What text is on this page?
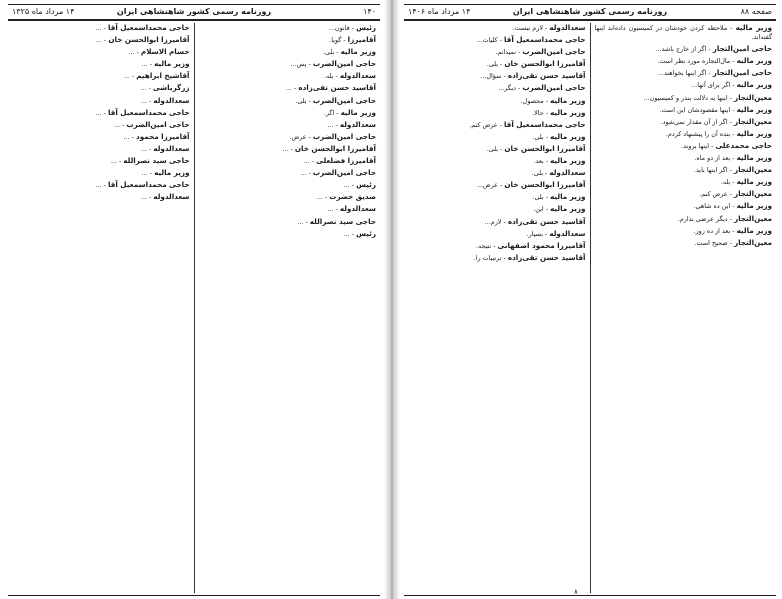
۱۴۰
روزنامه رسمی کشور شاهنشاهی ایران
۱۴ مرداد ماه ۱۳۲۵
رئیس - قانون...
آقامیرزا - گویا.
وزیر مالیه - بلی.
حاجی امین‌الضرب - پس...
سعدالدوله - بله.
آقاسید حسن تقی‌زاده - ...
حاجی امین‌الضرب - بلی.
وزیر مالیه - اگر.
سعدالدوله - ...
حاجی امین‌الضرب - عرض.
آقامیرزا ابوالحسن خان - ...
آقامیرزا فضلعلی - ...
حاجی امین‌الضرب - ...
رئیس - ...
صدیق حضرت - ...
سعدالدوله - ...
حاجی سید نصرالله - ...
رئیس - ...
حاجی محمداسمعیل آقا - ...
آقامیرزا ابوالحسن خان - ...
حسام الاسلام - ...
وزیر مالیه - ...
آقاشیخ ابراهیم - ...
زرگرباشی - ...
سعدالدوله - ...
حاجی محمداسمعیل آقا - ...
حاجی امین‌الضرب - ...
آقامیرزا محمود - ...
سعدالدوله - ...
حاجی سید نصرالله - ...
وزیر مالیه - ...
حاجی محمداسمعیل آقا - ...
سعدالدوله - ...
صفحه ۸۸
روزنامه رسمی کشور شاهنشاهی ایران
۱۴ مرداد ماه ۱۴۰۶
وزیر مالیه - ملاحظه کردن خودشان در کمیسیون داده‌اند اینها گفته‌اند.
حاجی امین‌التجار - اگر از خارج باشد...
وزیر مالیه - مال‌التجاره مورد نظر است.
حاجی امین‌التجار - اگر اینها بخواهند...
وزیر مالیه - اگر برای آنها...
معین‌التجار - اینها به دلالت بندر و کمیسیون...
وزیر مالیه - اینها مقصودشان این است.
معین‌التجار - اگر از آن مقدار نمی‌شود.
وزیر مالیه - بنده آن را پیشنهاد کردم.
حاجی محمدعلی - اینها بروند.
وزیر مالیه - بعد از دو ماه.
معین‌التجار - اگر اینها باید.
وزیر مالیه - بله.
معین‌التجار - عرض کنم.
وزیر مالیه - این ده شاهی.
معین‌التجار - دیگر عرضی ندارم.
وزیر مالیه - بعد از ده روز.
معین‌التجار - صحیح است.
سعدالدوله - لازم نیست.
حاجی محمداسمعیل آقا - کلیات...
حاجی امین‌الضرب - نمیدانم.
آقامیرزا ابوالحسن خان - بلی.
آقاسید حسن تقی‌زاده - سؤال...
حاجی امین‌الضرب - دیگر...
وزیر مالیه - محصول.
وزیر مالیه - حالا.
حاجی محمداسمعیل آقا - عرض کنم.
وزیر مالیه - بلی.
آقامیرزا ابوالحسن خان - بلی.
وزیر مالیه - بعد.
سعدالدوله - بلی.
آقامیرزا ابوالحسن خان - عرض...
وزیر مالیه - بلی.
وزیر مالیه - این.
آقاسید حسن تقی‌زاده - لازم...
سعدالدوله - بسیار.
آقامیرزا محمود اصفهانی - نتیجه.
آقاسید حسن تقی‌زاده - ترتیبات را.
۸
